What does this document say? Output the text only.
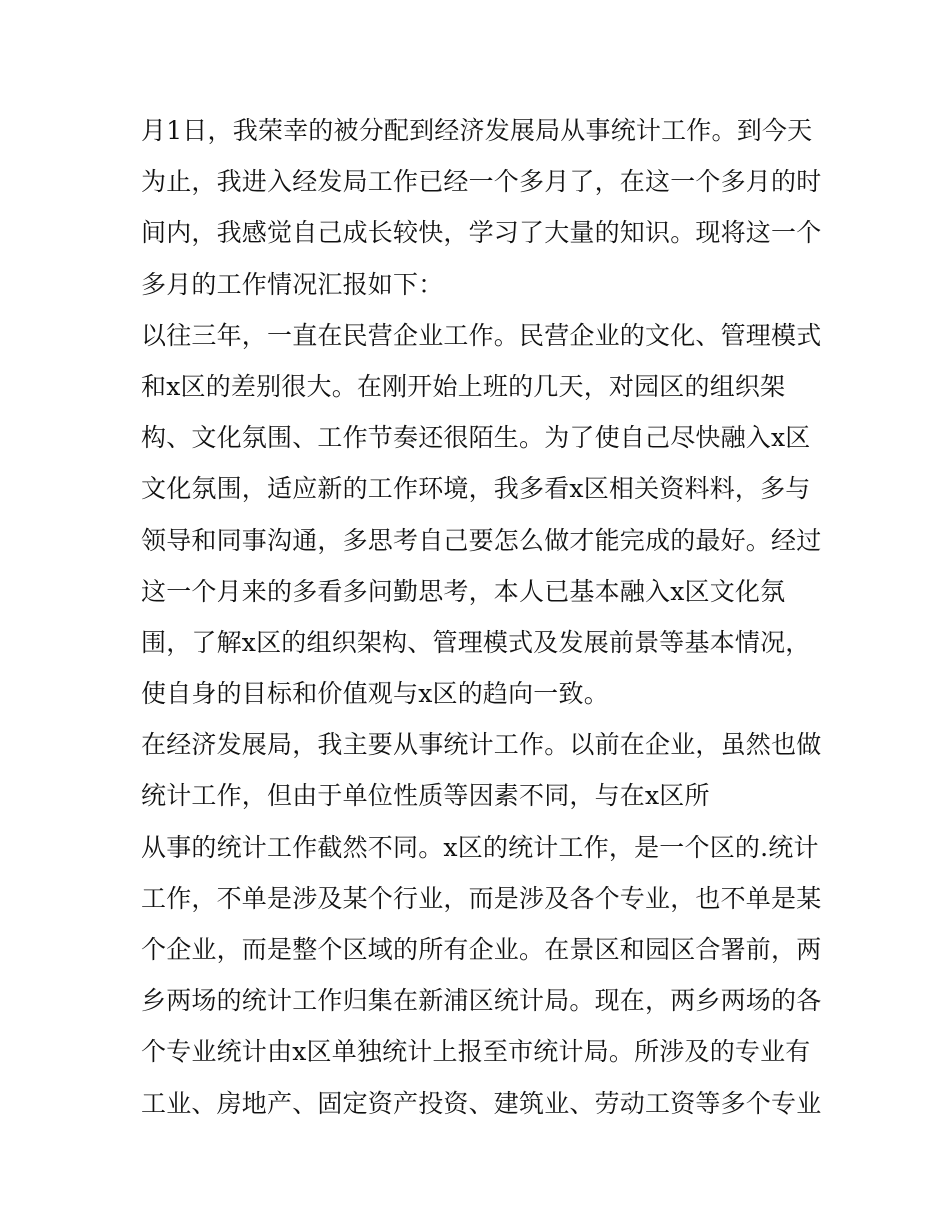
月1日，我荣幸的被分配到经济发展局从事统计工作。到今天
为止，我进入经发局工作已经一个多月了，在这一个多月的时
间内，我感觉自己成长较快，学习了大量的知识。现将这一个
多月的工作情况汇报如下：
以往三年，一直在民营企业工作。民营企业的文化、管理模式
和x区的差别很大。在刚开始上班的几天，对园区的组织架
构、文化氛围、工作节奏还很陌生。为了使自己尽快融入x区
文化氛围，适应新的工作环境，我多看x区相关资料料，多与
领导和同事沟通，多思考自己要怎么做才能完成的最好。经过
这一个月来的多看多问勤思考，本人已基本融入x区文化氛
围，了解x区的组织架构、管理模式及发展前景等基本情况，
使自身的目标和价值观与x区的趋向一致。
在经济发展局，我主要从事统计工作。以前在企业，虽然也做
统计工作，但由于单位性质等因素不同，与在x区所
从事的统计工作截然不同。x区的统计工作，是一个区的.统计
工作，不单是涉及某个行业，而是涉及各个专业，也不单是某
个企业，而是整个区域的所有企业。在景区和园区合署前，两
乡两场的统计工作归集在新浦区统计局。现在，两乡两场的各
个专业统计由x区单独统计上报至市统计局。所涉及的专业有
工业、房地产、固定资产投资、建筑业、劳动工资等多个专业
